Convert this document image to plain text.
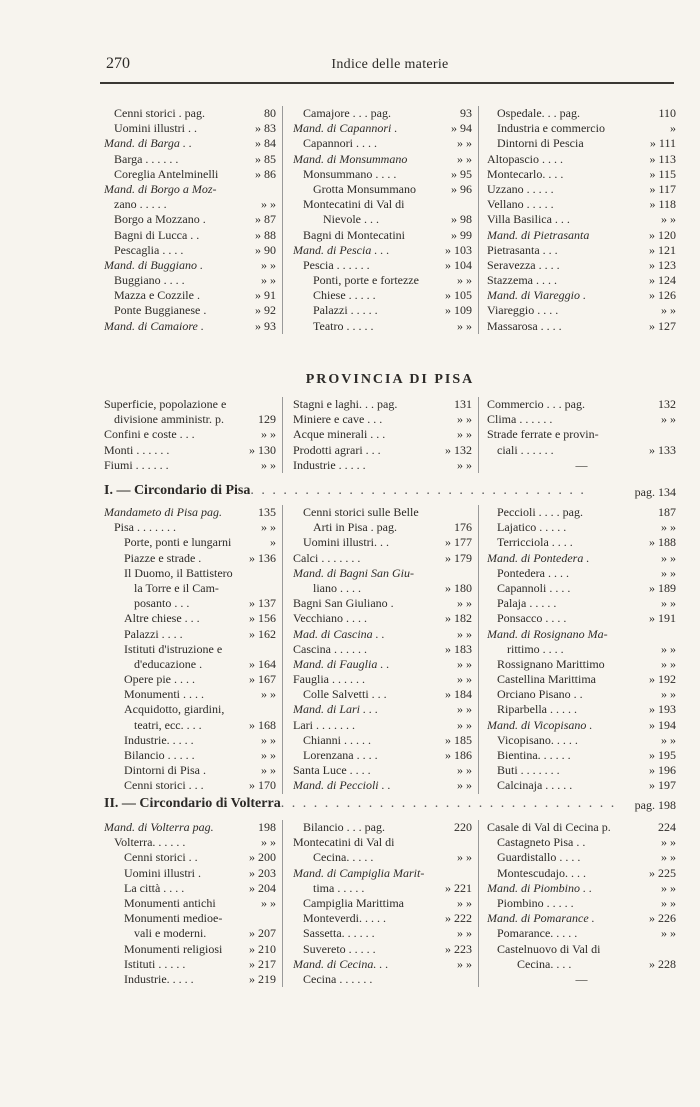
270	Indice delle materie
Cenni storici . pag.	80
Uomini illustri . .	» 83
Mand. di Barga . .	» 84
Barga . . . . . .	» 85
Coreglia Antelminelli	» 86
Mand. di Borgo a Moz-
zano . . . . .	» »
Borgo a Mozzano .	» 87
Bagni di Lucca . .	» 88
Pescaglia . . . .	» 90
Mand. di Buggiano .	» »
Buggiano . . . .	» »
Mazza e Cozzile .	» 91
Ponte Buggianese .	» 92
Mand. di Camaiore .	» 93
Camajore . . . pag.	93
Mand. di Capannori .	» 94
Capannori . . . .	» »
Mand. di Monsummano	» »
Monsummano . . . .	» 95
Grotta Monsummano	» 96
Montecatini di Val di
Nievole . . .	» 98
Bagni di Montecatini	» 99
Mand. di Pescia . . .	» 103
Pescia . . . . . .	» 104
Ponti, porte e fortezze	» »
Chiese . . . . .	» 105
Palazzi . . . . .	» 109
Teatro . . . . .	» »
Ospedale. . . pag.	110
Industria e commercio	»
Dintorni di Pescia	» 111
Altopascio . . . .	» 113
Montecarlo. . . .	» 115
Uzzano . . . . .	» 117
Vellano . . . . .	» 118
Villa Basilica . . .	» »
Mand. di Pietrasanta	» 120
Pietrasanta . . .	» 121
Seravezza . . . .	» 123
Stazzema . . . .	» 124
Mand. di Viareggio .	» 126
Viareggio . . . .	» »
Massarosa . . . .	» 127
PROVINCIA DI PISA
Superficie, popolazione e
divisione amministr. p.	129
Confini e coste . . .	» »
Monti . . . . . .	» 130
Fiumi . . . . . .	» »
Stagni e laghi. . . pag.	131
Miniere e cave . . .	» »
Acque minerali . . .	» »
Prodotti agrari . . .	» 132
Industrie . . . . .	» »
Commercio . . . pag.	132
Clima . . . . . .	» »
Strade ferrate e provin-
ciali . . . . . .	» 133
—
I. — Circondario di Pisa . . .	pag. 134
Mandameto di Pisa pag.	135
Pisa . . . . . . .	» »
Porte, ponti e lungarni	»
Piazze e strade .	» 136
Il Duomo, il Battistero
la Torre e il Cam-
posanto . . .	» 137
Altre chiese . . .	» 156
Palazzi . . . .	» 162
Istituti d'istruzione e
d'educazione .	» 164
Opere pie . . . .	» 167
Monumenti . . . .	» »
Acquidotto, giardini,
teatri, ecc. . . .	» 168
Industrie. . . . .	» »
Bilancio . . . . .	» »
Dintorni di Pisa .	» »
Cenni storici . . .	» 170
Cenni storici sulle Belle
Arti in Pisa . pag.	176
Uomini illustri. . .	» 177
Calci . . . . . . .	» 179
Mand. di Bagni San Giu-
liano . . . .	» 180
Bagni San Giuliano .	» »
Vecchiano . . . .	» 182
Mad. di Cascina . .	» »
Cascina . . . . . .	» 183
Mand. di Fauglia . .	» »
Fauglia . . . . . .	» »
Colle Salvetti . . .	» 184
Mand. di Lari . . .	» »
Lari . . . . . . .	» »
Chianni . . . . .	» 185
Lorenzana . . . .	» 186
Santa Luce . . . .	» »
Mand. di Peccioli . .	» »
Peccioli . . . . pag.	187
Lajatico . . . . .	» »
Terricciola . . . .	» 188
Mand. di Pontedera .	» »
Pontedera . . . .	» »
Capannoli . . . .	» 189
Palaja . . . . .	» »
Ponsacco . . . .	» 191
Mand. di Rosignano Ma-
rittimo . . . .	» »
Rossignano Marittimo	» »
Castellina Marittima	» 192
Orciano Pisano . .	» »
Riparbella . . . . .	» 193
Mand. di Vicopisano .	» 194
Vicopisano. . . . .	» »
Bientina. . . . . .	» 195
Buti . . . . . . .	» 196
Calcinaja . . . . .	» 197
II. — Circondario di Volterra . . .	pag. 198
Mand. di Volterra pag.	198
Volterra. . . . . .	» »
Cenni storici . .	» 200
Uomini illustri .	» 203
La città . . . .	» 204
Monumenti antichi	» »
Monumenti medioe-
vali e moderni.	» 207
Monumenti religiosi » 210
Istituti . . . . .	» 217
Industrie. . . . .	» 219
Bilancio . . . pag.	220
Montecatini di Val di
Cecina. . . . .	» »
Mand. di Campiglia Marit-
tima . . . . .	» 221
Campiglia Marittima	» »
Monteverdi. . . . .	» 222
Sassetta. . . . . .	» »
Suvereto . . . . .	» 223
Mand. di Cecina. . .	» »
Cecina . . . . . .
Casale di Val di Cecina p.	224
Castagneto Pisa . .	» »
Guardistallo . . . .	» »
Montescudajo. . . .	» 225
Mand. di Piombino . .	» »
Piombino . . . . .	» »
Mand. di Pomarance .	» 226
Pomarance. . . . .	» »
Castelnuovo di Val di
Cecina. . . .	» 228
—
